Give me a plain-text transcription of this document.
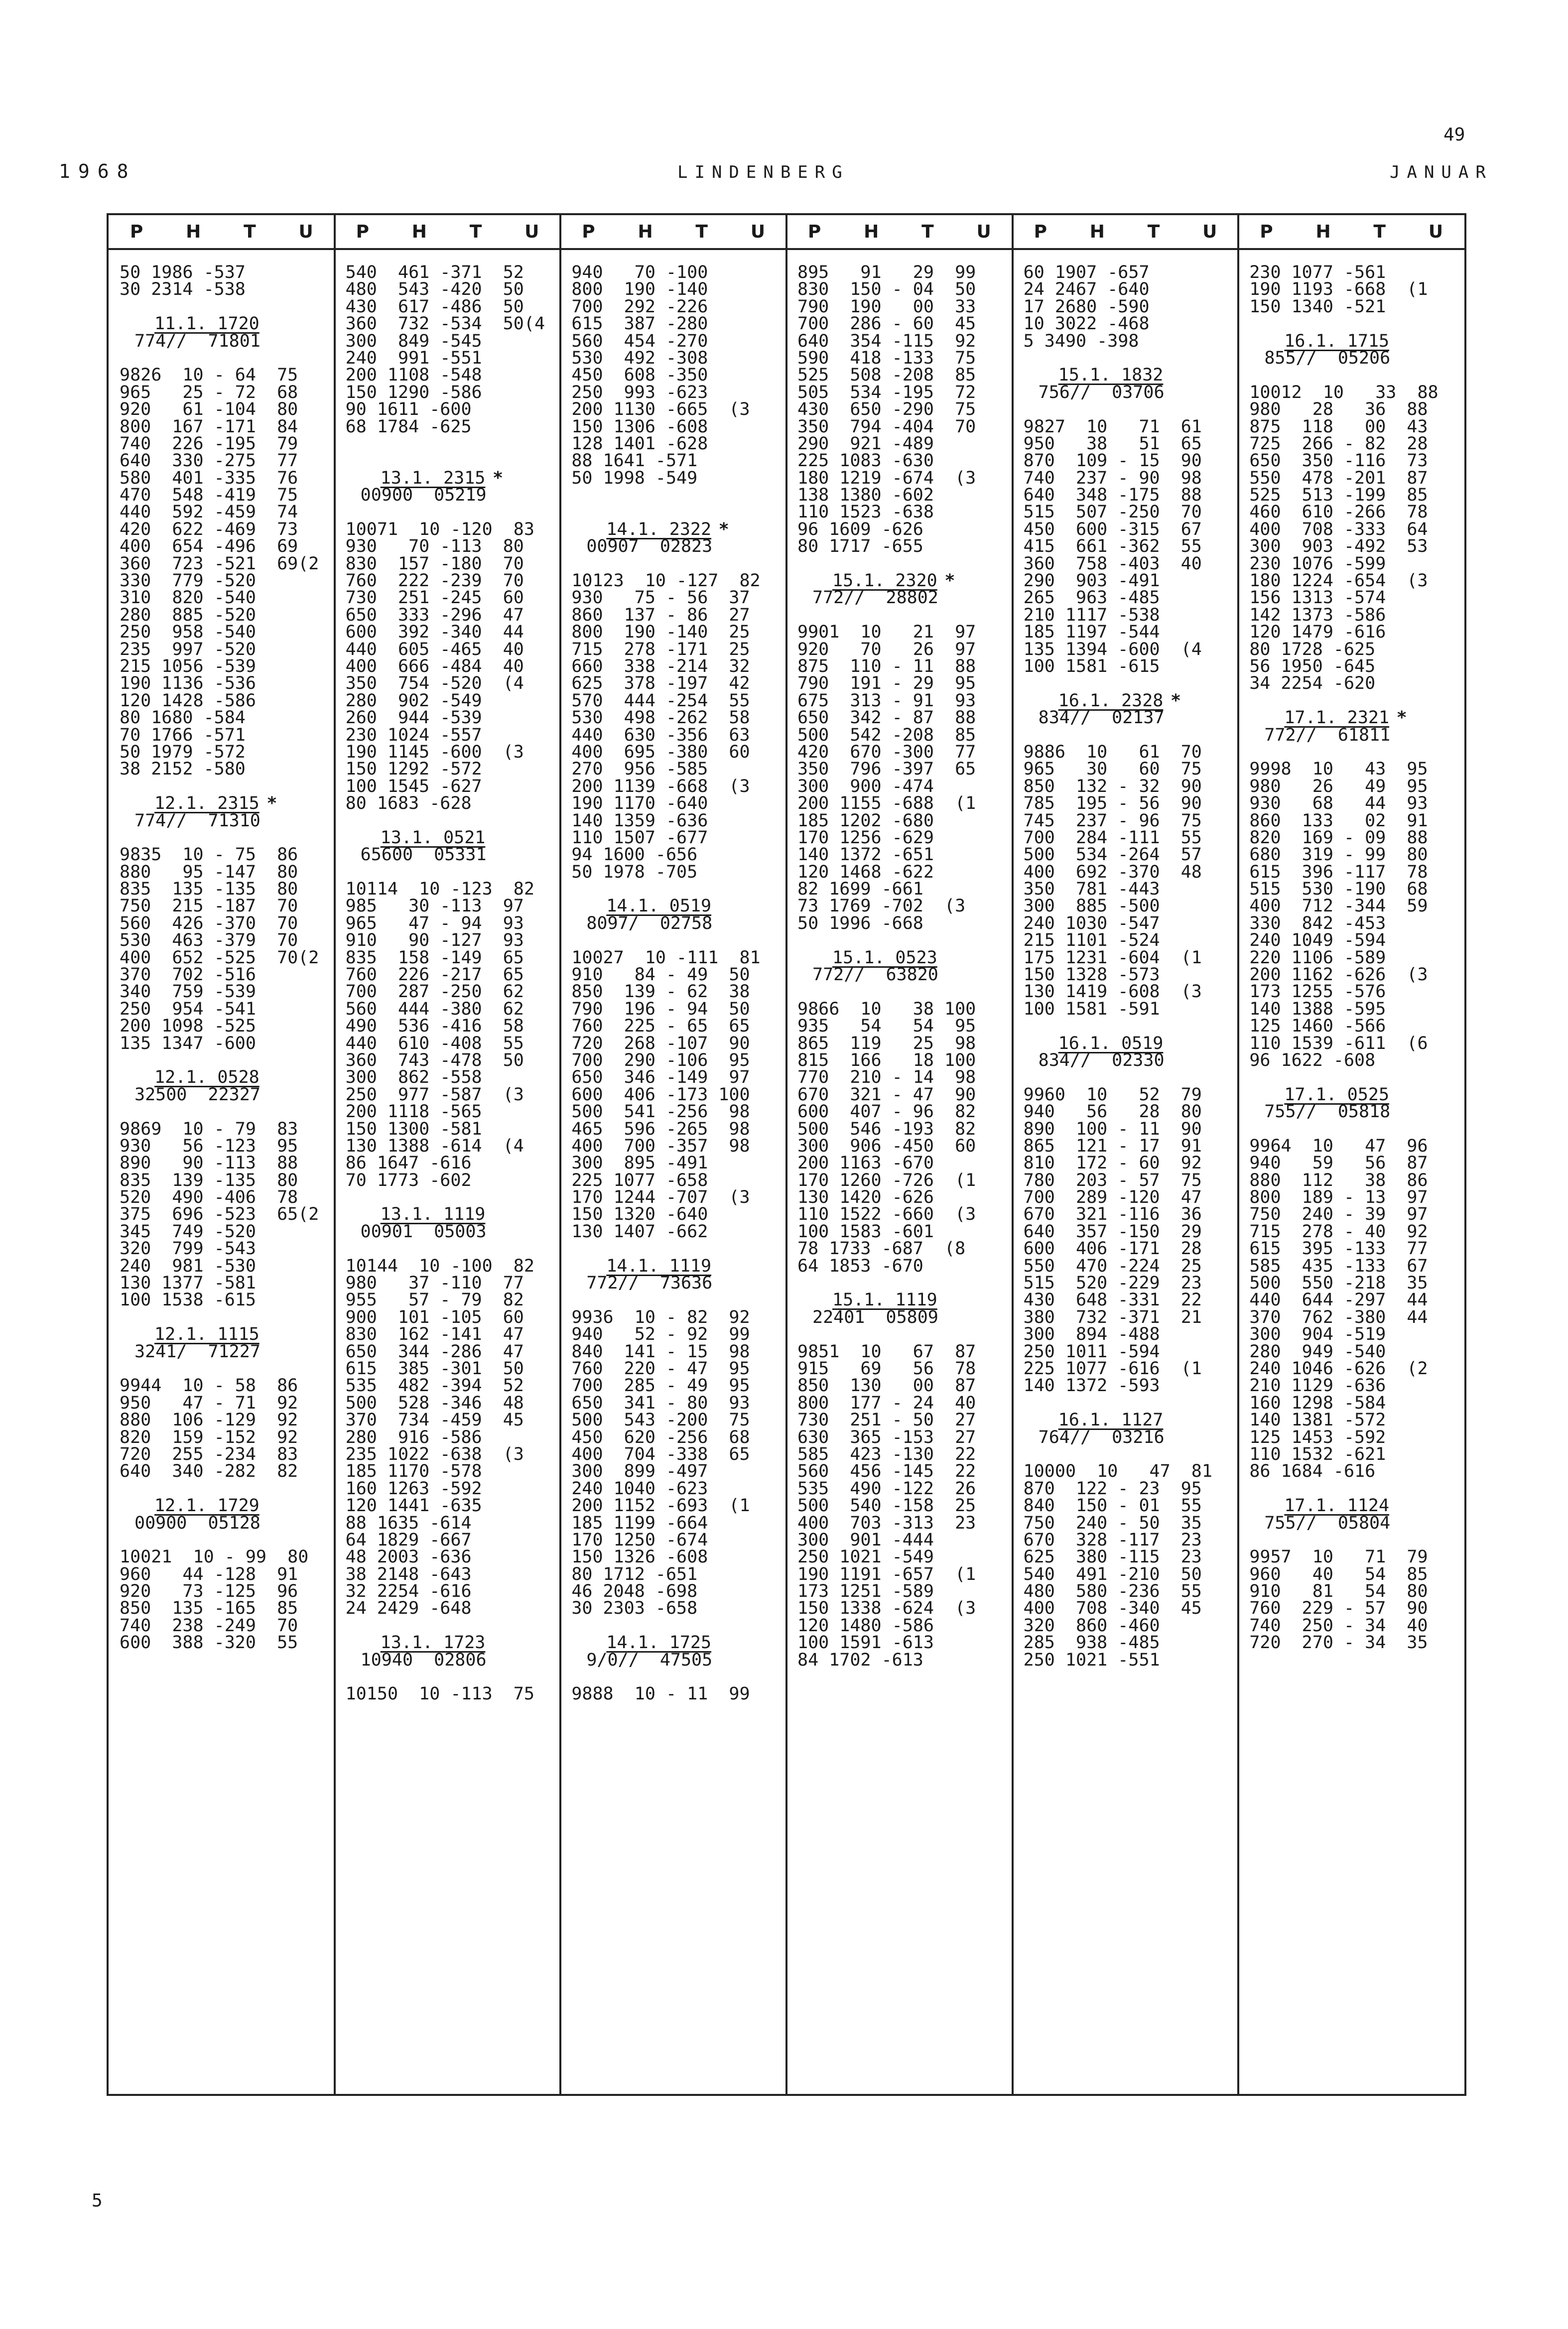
49
1968	LINDENBERG	JANUAR
P H T U P H T U P H T U P H T U P H T U P H T U
50 1986 -537
30 2314 -538
11.1. 1720
774//  71801
9826  10 - 64  75
965   25 - 72  68
920   61 -104  80
800  167 -171  84
740  226 -195  79
640  330 -275  77
580  401 -335  76
470  548 -419  75
440  592 -459  74
420  622 -469  73
400  654 -496  69
360  723 -521  69(2
330  779 -520
310  820 -540
280  885 -520
250  958 -540
235  997 -520
215 1056 -539
190 1136 -536
120 1428 -586
80 1680 -584
70 1766 -571
50 1979 -572
38 2152 -580
12.1. 2315 *
774//  71310
9835  10 - 75  86
880   95 -147  80
835  135 -135  80
750  215 -187  70
560  426 -370  70
530  463 -379  70
400  652 -525  70(2
370  702 -516
340  759 -539
250  954 -541
200 1098 -525
135 1347 -600
12.1. 0528
32500  22327
9869  10 - 79  83
930   56 -123  95
890   90 -113  88
835  139 -135  80
520  490 -406  78
375  696 -523  65(2
345  749 -520
320  799 -543
240  981 -530
130 1377 -581
100 1538 -615
12.1. 1115
3241/  71227
9944  10 - 58  86
950   47 - 71  92
880  106 -129  92
820  159 -152  92
720  255 -234  83
640  340 -282  82
12.1. 1729
00900  05128
10021  10 - 99  80
960   44 -128  91
920   73 -125  96
850  135 -165  85
740  238 -249  70
600  388 -320  55
540  461 -371  52
480  543 -420  50
430  617 -486  50
360  732 -534  50(4
300  849 -545
240  991 -551
200 1108 -548
150 1290 -586
90 1611 -600
68 1784 -625
13.1. 2315 *
00900  05219
10071  10 -120  83
930   70 -113  80
830  157 -180  70
760  222 -239  70
730  251 -245  60
650  333 -296  47
600  392 -340  44
440  605 -465  40
400  666 -484  40
350  754 -520  (4
280  902 -549
260  944 -539
230 1024 -557
190 1145 -600  (3
150 1292 -572
100 1545 -627
80 1683 -628
13.1. 0521
65600  05331
10114  10 -123  82
985   30 -113  97
965   47 - 94  93
910   90 -127  93
835  158 -149  65
760  226 -217  65
700  287 -250  62
560  444 -380  62
490  536 -416  58
440  610 -408  55
360  743 -478  50
300  862 -558
250  977 -587  (3
200 1118 -565
150 1300 -581
130 1388 -614  (4
86 1647 -616
70 1773 -602
13.1. 1119
00901  05003
10144  10 -100  82
980   37 -110  77
955   57 - 79  82
900  101 -105  60
830  162 -141  47
650  344 -286  47
615  385 -301  50
535  482 -394  52
500  528 -346  48
370  734 -459  45
280  916 -586
235 1022 -638  (3
185 1170 -578
160 1263 -592
120 1441 -635
88 1635 -614
64 1829 -667
48 2003 -636
38 2148 -643
32 2254 -616
24 2429 -648
13.1. 1723
10940  02806
10150  10 -113  75
940   70 -100
800  190 -140
700  292 -226
615  387 -280
560  454 -270
530  492 -308
450  608 -350
250  993 -623
200 1130 -665  (3
150 1306 -608
128 1401 -628
88 1641 -571
50 1998 -549
14.1. 2322 *
00907  02823
10123  10 -127  82
930   75 - 56  37
860  137 - 86  27
800  190 -140  25
715  278 -171  25
660  338 -214  32
625  378 -197  42
570  444 -254  55
530  498 -262  58
440  630 -356  63
400  695 -380  60
270  956 -585
200 1139 -668  (3
190 1170 -640
140 1359 -636
110 1507 -677
94 1600 -656
50 1978 -705
14.1. 0519
8097/  02758
10027  10 -111  81
910   84 - 49  50
850  139 - 62  38
790  196 - 94  50
760  225 - 65  65
720  268 -107  90
700  290 -106  95
650  346 -149  97
600  406 -173 100
500  541 -256  98
465  596 -265  98
400  700 -357  98
300  895 -491
225 1077 -658
170 1244 -707  (3
150 1320 -640
130 1407 -662
14.1. 1119
772//  73636
9936  10 - 82  92
940   52 - 92  99
840  141 - 15  98
760  220 - 47  95
700  285 - 49  95
650  341 - 80  93
500  543 -200  75
450  620 -256  68
400  704 -338  65
300  899 -497
240 1040 -623
200 1152 -693  (1
185 1199 -664
170 1250 -674
150 1326 -608
80 1712 -651
46 2048 -698
30 2303 -658
14.1. 1725
9/0//  47505
9888  10 - 11  99
895   91   29  99
830  150 - 04  50
790  190   00  33
700  286 - 60  45
640  354 -115  92
590  418 -133  75
525  508 -208  85
505  534 -195  72
430  650 -290  75
350  794 -404  70
290  921 -489
225 1083 -630
180 1219 -674  (3
138 1380 -602
110 1523 -638
96 1609 -626
80 1717 -655
15.1. 2320 *
772//  28802
9901  10   21  97
920   70   26  97
875  110 - 11  88
790  191 - 29  95
675  313 - 91  93
650  342 - 87  88
500  542 -208  85
420  670 -300  77
350  796 -397  65
300  900 -474
200 1155 -688  (1
185 1202 -680
170 1256 -629
140 1372 -651
120 1468 -622
82 1699 -661
73 1769 -702  (3
50 1996 -668
15.1. 0523
772//  63820
9866  10   38 100
935   54   54  95
865  119   25  98
815  166   18 100
770  210 - 14  98
670  321 - 47  90
600  407 - 96  82
500  546 -193  82
300  906 -450  60
200 1163 -670
170 1260 -726  (1
130 1420 -626
110 1522 -660  (3
100 1583 -601
78 1733 -687  (8
64 1853 -670
15.1. 1119
22401  05809
9851  10   67  87
915   69   56  78
850  130   00  87
800  177 - 24  40
730  251 - 50  27
630  365 -153  27
585  423 -130  22
560  456 -145  22
535  490 -122  26
500  540 -158  25
400  703 -313  23
300  901 -444
250 1021 -549
190 1191 -657  (1
173 1251 -589
150 1338 -624  (3
120 1480 -586
100 1591 -613
84 1702 -613
60 1907 -657
24 2467 -640
17 2680 -590
10 3022 -468
5 3490 -398
15.1. 1832
756//  03706
9827  10   71  61
950   38   51  65
870  109 - 15  90
740  237 - 90  98
640  348 -175  88
515  507 -250  70
450  600 -315  67
415  661 -362  55
360  758 -403  40
290  903 -491
265  963 -485
210 1117 -538
185 1197 -544
135 1394 -600  (4
100 1581 -615
16.1. 2328 *
834//  02137
9886  10   61  70
965   30   60  75
850  132 - 32  90
785  195 - 56  90
745  237 - 96  75
700  284 -111  55
500  534 -264  57
400  692 -370  48
350  781 -443
300  885 -500
240 1030 -547
215 1101 -524
175 1231 -604  (1
150 1328 -573
130 1419 -608  (3
100 1581 -591
16.1. 0519
834//  02330
9960  10   52  79
940   56   28  80
890  100 - 11  90
865  121 - 17  91
810  172 - 60  92
780  203 - 57  75
700  289 -120  47
670  321 -116  36
640  357 -150  29
600  406 -171  28
550  470 -224  25
515  520 -229  23
430  648 -331  22
380  732 -371  21
300  894 -488
250 1011 -594
225 1077 -616  (1
140 1372 -593
16.1. 1127
764//  03216
10000  10   47  81
870  122 - 23  95
840  150 - 01  55
750  240 - 50  35
670  328 -117  23
625  380 -115  23
540  491 -210  50
480  580 -236  55
400  708 -340  45
320  860 -460
285  938 -485
250 1021 -551
230 1077 -561
190 1193 -668  (1
150 1340 -521
16.1. 1715
855//  05206
10012  10   33  88
980   28   36  88
875  118   00  43
725  266 - 82  28
650  350 -116  73
550  478 -201  87
525  513 -199  85
460  610 -266  78
400  708 -333  64
300  903 -492  53
230 1076 -599
180 1224 -654  (3
156 1313 -574
142 1373 -586
120 1479 -616
80 1728 -625
56 1950 -645
34 2254 -620
17.1. 2321 *
772//  61811
9998  10   43  95
980   26   49  95
930   68   44  93
860  133   02  91
820  169 - 09  88
680  319 - 99  80
615  396 -117  78
515  530 -190  68
400  712 -344  59
330  842 -453
240 1049 -594
220 1106 -589
200 1162 -626  (3
173 1255 -576
140 1388 -595
125 1460 -566
110 1539 -611  (6
96 1622 -608
17.1. 0525
755//  05818
9964  10   47  96
940   59   56  87
880  112   38  86
800  189 - 13  97
750  240 - 39  97
715  278 - 40  92
615  395 -133  77
585  435 -133  67
500  550 -218  35
440  644 -297  44
370  762 -380  44
300  904 -519
280  949 -540
240 1046 -626  (2
210 1129 -636
160 1298 -584
140 1381 -572
125 1453 -592
110 1532 -621
86 1684 -616
17.1. 1124
755//  05804
9957  10   71  79
960   40   54  85
910   81   54  80
760  229 - 57  90
740  250 - 34  40
720  270 - 34  35
5
